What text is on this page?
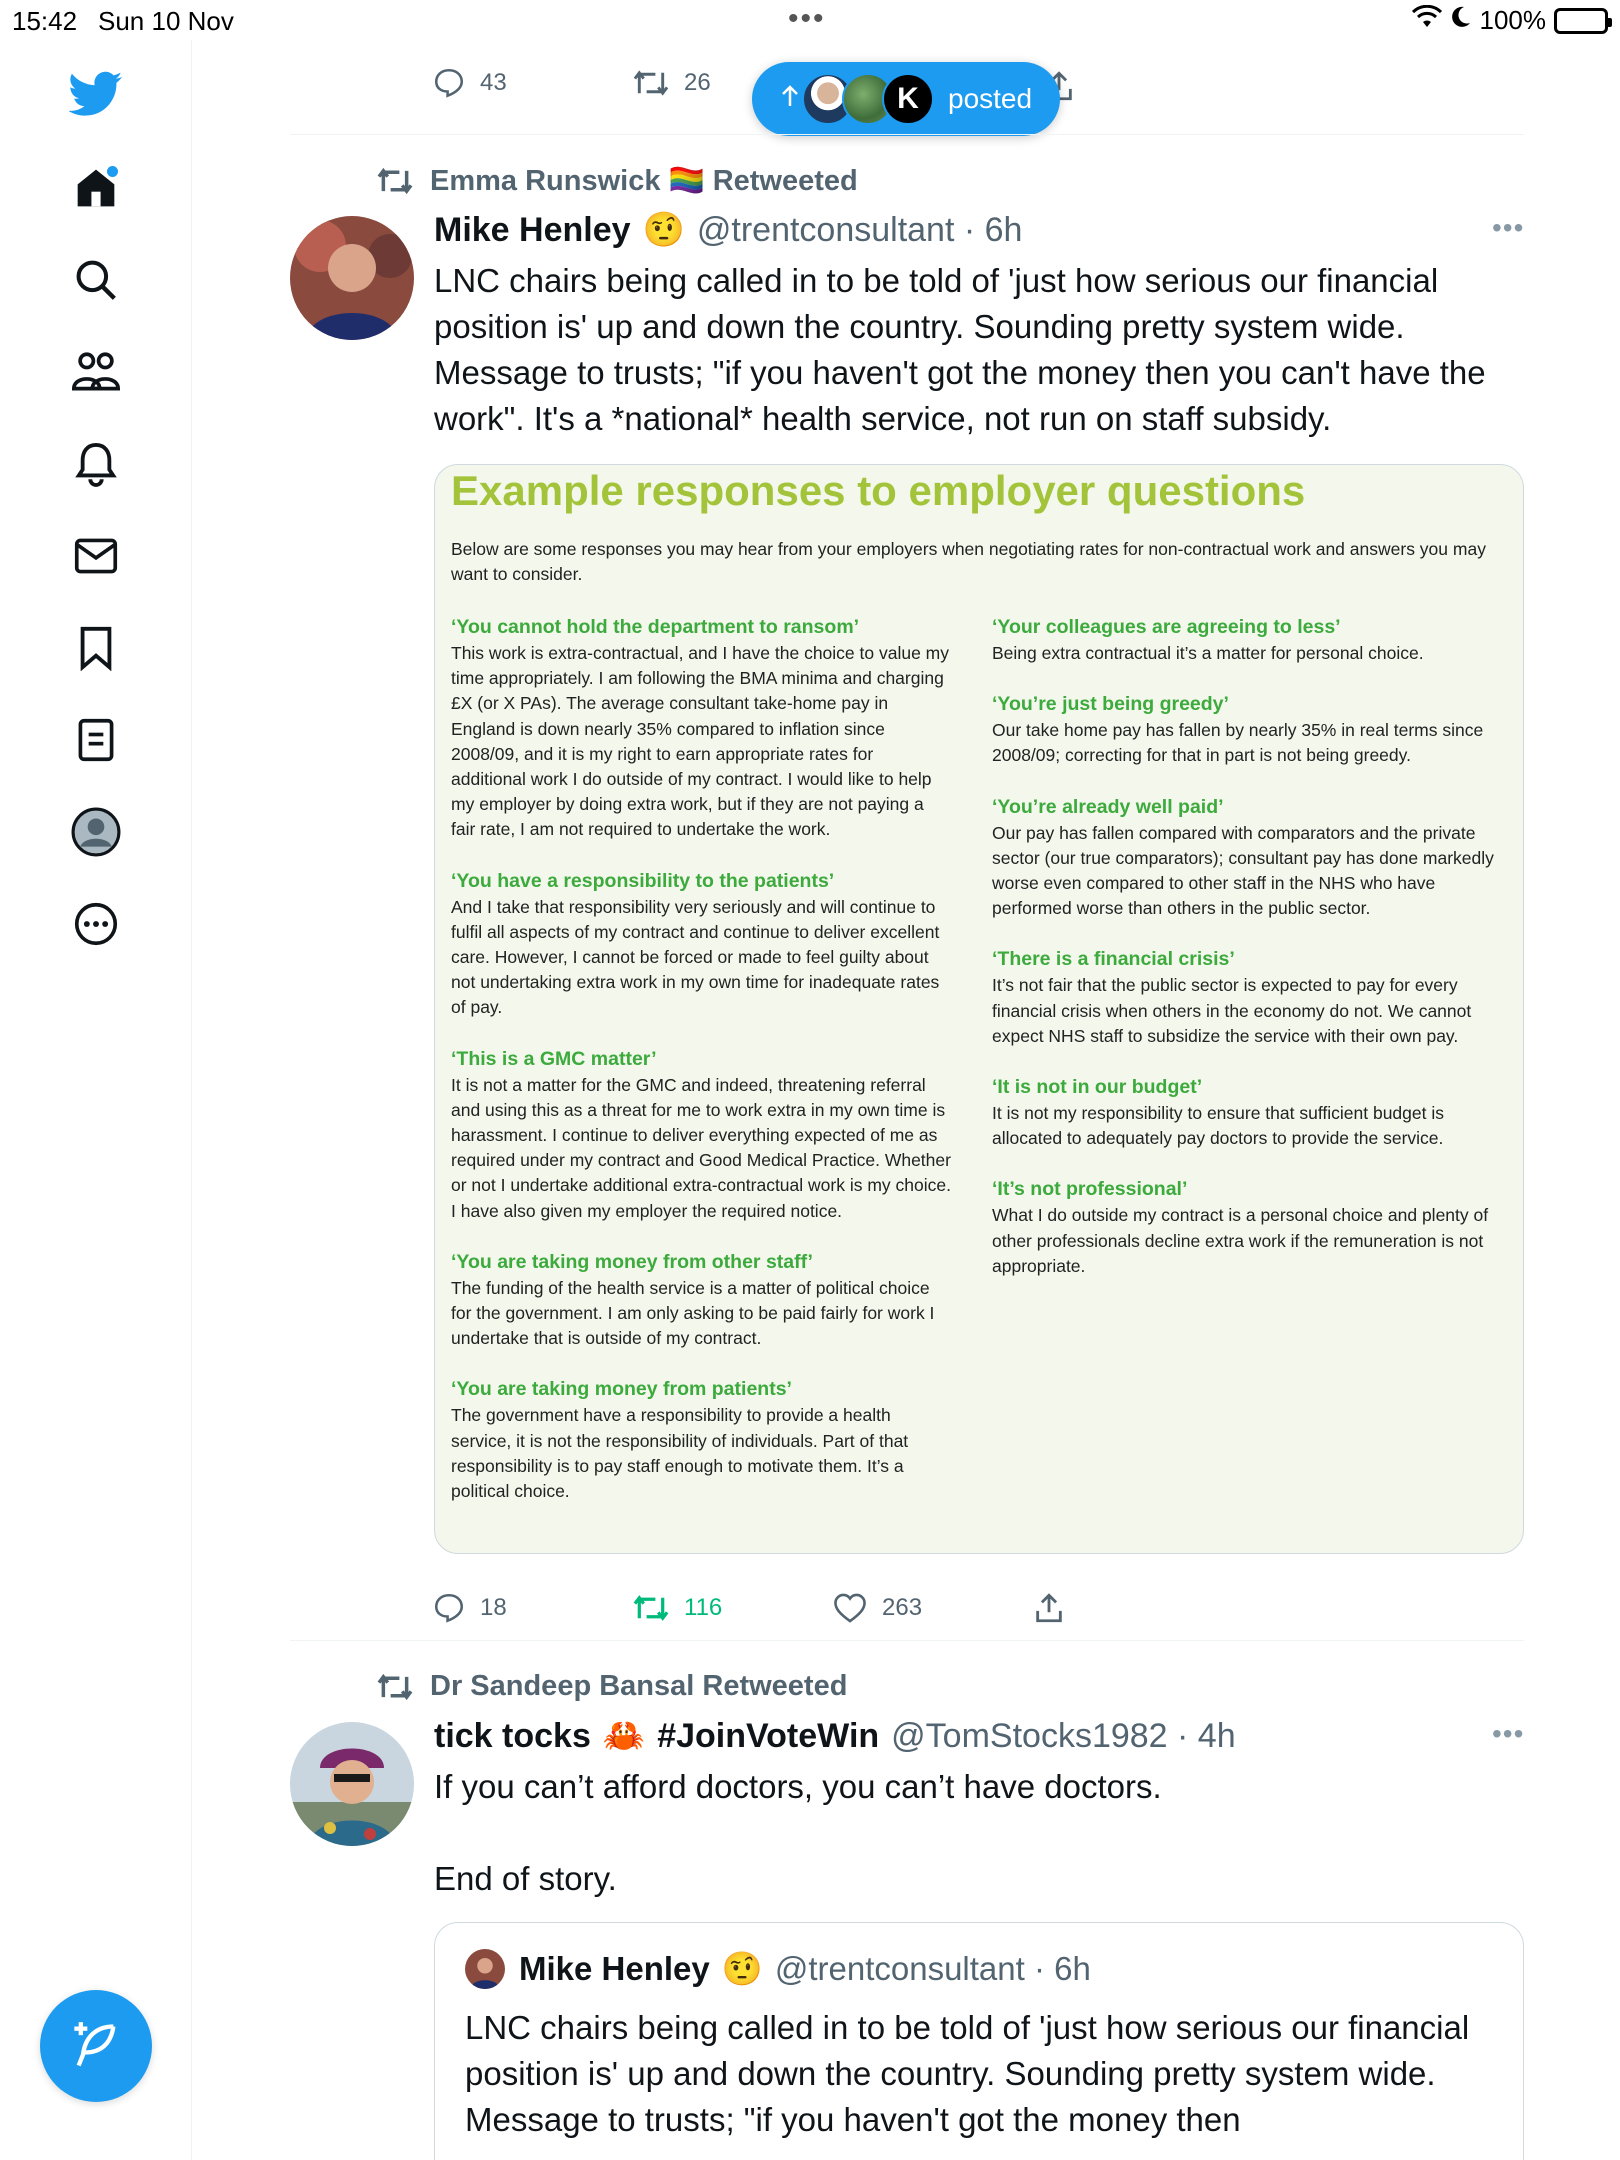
15:42 Sun 10 Nov	•••	100%
43	26	K	posted
Emma Runswick 🏳️‍🌈 Retweeted
Mike Henley 🤨 @trentconsultant · 6h	•••
LNC chairs being called in to be told of 'just how serious our financial position is' up and down the country. Sounding pretty system wide. Message to trusts; "if you haven't got the money then you can't have the work". It's a *national* health service, not run on staff subsidy.
Example responses to employer questions
Below are some responses you may hear from your employers when negotiating rates for non-contractual work and answers you may want to consider.
‘You cannot hold the department to ransom’
This work is extra-contractual, and I have the choice to value my time appropriately. I am following the BMA minima and charging £X (or X PAs). The average consultant take-home pay in England is down nearly 35% compared to inflation since 2008/09, and it is my right to earn appropriate rates for additional work I do outside of my contract. I would like to help my employer by doing extra work, but if they are not paying a fair rate, I am not required to undertake the work.
‘You have a responsibility to the patients’
And I take that responsibility very seriously and will continue to fulfil all aspects of my contract and continue to deliver excellent care. However, I cannot be forced or made to feel guilty about not undertaking extra work in my own time for inadequate rates of pay.
‘This is a GMC matter’
It is not a matter for the GMC and indeed, threatening referral and using this as a threat for me to work extra in my own time is harassment. I continue to deliver everything expected of me as required under my contract and Good Medical Practice. Whether or not I undertake additional extra-contractual work is my choice. I have also given my employer the required notice.
‘You are taking money from other staff’
The funding of the health service is a matter of political choice for the government. I am only asking to be paid fairly for work I undertake that is outside of my contract.
‘You are taking money from patients’
The government have a responsibility to provide a health service, it is not the responsibility of individuals. Part of that responsibility is to pay staff enough to motivate them. It’s a political choice.
‘Your colleagues are agreeing to less’
Being extra contractual it’s a matter for personal choice.
‘You’re just being greedy’
Our take home pay has fallen by nearly 35% in real terms since 2008/09; correcting for that in part is not being greedy.
‘You’re already well paid’
Our pay has fallen compared with comparators and the private sector (our true comparators); consultant pay has done markedly worse even compared to other staff in the NHS who have performed worse than others in the public sector.
‘There is a financial crisis’
It’s not fair that the public sector is expected to pay for every financial crisis when others in the economy do not. We cannot expect NHS staff to subsidize the service with their own pay.
‘It is not in our budget’
It is not my responsibility to ensure that sufficient budget is allocated to adequately pay doctors to provide the service.
‘It’s not professional’
What I do outside my contract is a personal choice and plenty of other professionals decline extra work if the remuneration is not appropriate.
18	116	263
Dr Sandeep Bansal Retweeted
tick tocks 🦀 #JoinVoteWin @TomStocks1982 · 4h	•••
If you can’t afford doctors, you can’t have doctors.
End of story.
Mike Henley 🤨 @trentconsultant · 6h
LNC chairs being called in to be told of 'just how serious our financial position is' up and down the country. Sounding pretty system wide. Message to trusts; "if you haven't got the money then
